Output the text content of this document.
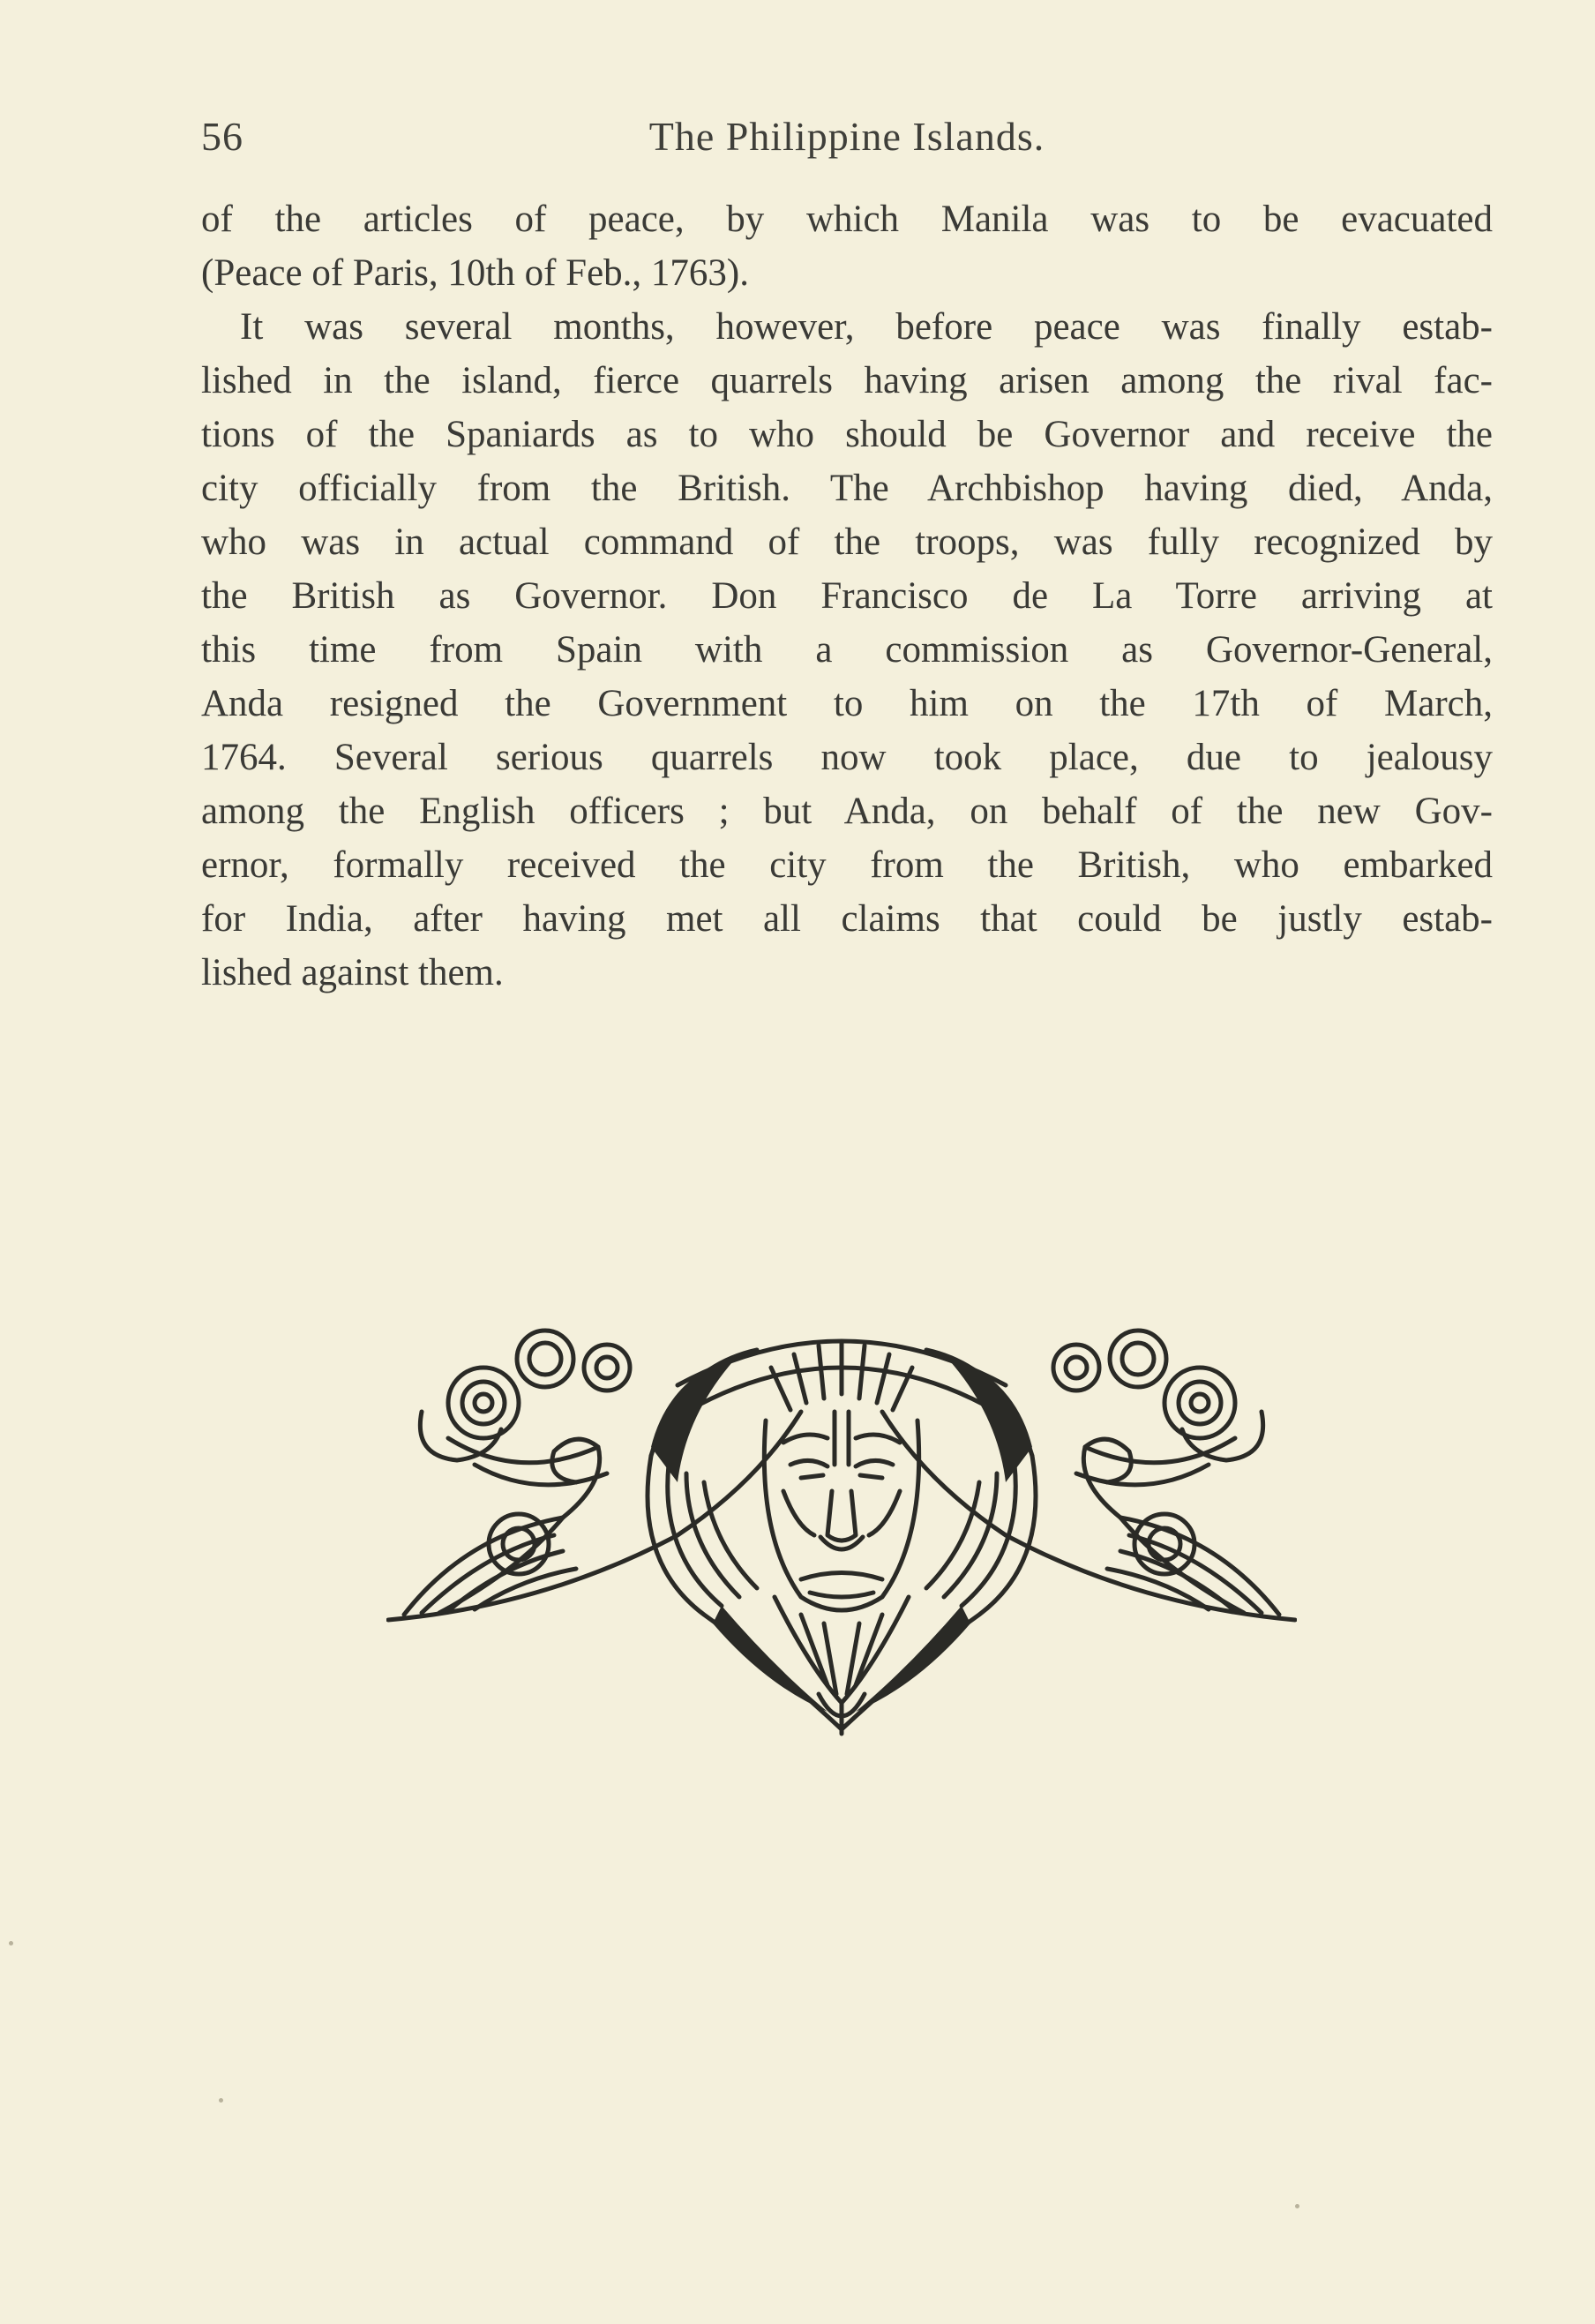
56	The Philippine Islands.
of the articles of peace, by which Manila was to be evacuated
(Peace of Paris, 10th of Feb., 1763).
It was several months, however, before peace was finally estab-
lished in the island, fierce quarrels having arisen among the rival fac-
tions of the Spaniards as to who should be Governor and receive the
city officially from the British. The Archbishop having died, Anda,
who was in actual command of the troops, was fully recognized by
the British as Governor. Don Francisco de La Torre arriving at
this time from Spain with a commission as Governor-General,
Anda resigned the Government to him on the 17th of March,
1764. Several serious quarrels now took place, due to jealousy
among the English officers ; but Anda, on behalf of the new Gov-
ernor, formally received the city from the British, who embarked
for India, after having met all claims that could be justly estab-
lished against them.
